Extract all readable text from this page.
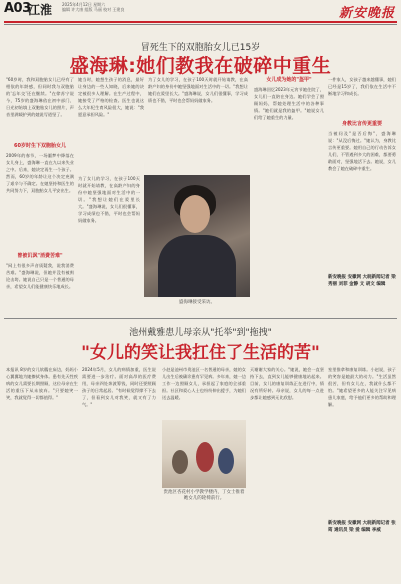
A03
江淮 2025年4月12日 星期六
编辑 许大康 组版 马丽 校对 王建良	新安晚报
冒死生下的双胞胎女儿已15岁
盛海琳:她们教我在破碎中重生
"60岁时，我和双胞胎女儿已经有了相依的年龄感，但同时我与双胞胎的'忘年交'还在继续。"在徐苏宁说今，75岁的盛海琳依在初中部门、日光初始填上双胞胎女儿的照片，声音里满载护到的她说写道坚了。
60岁时生下双胞胎女儿
2009年的春节，一场噩梦中降落在女儿身上，盛海琳一直在九以来失业之中。后来，她决定再生一个孩子。然而，60岁的年龄让这个决定充满了艰辛与不确定。在她坚持和医生的共同努力下，双胞胎女儿平安出生。
曾被讥讽"消费苦难"
"网上有很多声音质疑我，说我消费苦难。"盛海琳说，但她并没有被舆论击垮。她说自己只是一个普通的母亲，希望女儿们能健康快乐地成长。
她当时，她想生孩子的消息，最好让身边的一些人知晓，后来她的决定被很多人理解。在生产过程中，她接受了严格的检查。医生也说这么大年纪生育风险很大，她说："我愿意承担风险。"
为了女儿的学习，在孩子100天时就开始请教，在高龄产妇的身份中她坚强地面对生活中的一切。"我想让她们在爱里长大。"盛海琳说，女儿们很懂事，学习成绩也不错，平时也会帮妈妈做家务。
为了女儿的学习，在孩子100天时就开始请教，在高龄产妇的身份中她坚强地面对生活中的一切。"我想让她们在爱里长大。"盛海琳说，女儿们很懂事，学习成绩也不错，平时也会帮妈妈做家务。
盛海琳接受采访。
女儿成为她的"盔甲"
盛海琳回忆2023年元宵节她住院了，女儿们一直陪在身边。她们学会了照顾妈妈，帮她处理生活中的各种事情。"她们就是我的盔甲。"她说女儿们给了她重生的力量。
一件家人，女孩子越来越懂事，她们已经是15岁了，我们依在生活中不断地学习和成长。
身教比言传更重要
当被问及"是否后悔"，盛海琳说："从没后悔过。"她认为，身教比言传更重要。她用自己的行动告诉女儿们，不管遇到多大的困难，都要勇敢面对，坚强地活下去。她说，女儿教会了她在破碎中重生。
新安晚报 安徽网 大皖新闻记者 梁秀丽 刘菲 金静 文 胡文 编辑
池州戴雅患儿母亲从"托举"到"拖拽"
"女儿的笑让我扛住了生活的苦"
本报讯 8岁的女儿软糯在床边，妈妈小心翼翼地为她擦拭身体。患有先天性疾病的女儿需要长期照顾，这位母亲在生活的重压下从未放弃。"只要她笑一笑，我就觉得一切都值得。"
2024年5月，女儿的病情加重，医生说需要进一步治疗。面对高昂的医疗费用，母亲四处奔波筹钱，同时还要照顾孩子的日常起居。"有时候觉得撑不下去了，但看到女儿对我笑，就又有了力气。"
小赵是池州市贵池区一名普通的母亲，她的女儿出生后被确诊患有罕见病。多年来，她一边工作一边照顾女儿，承担起了家庭的全部重担。社区和爱心人士也纷纷伸出援手，为她们送去温暖。
贵池区杏花村小学教学楼内，丁女士推着她女儿的轮椅前行。
天谢谢大家的关心。"她说，她会一直坚持下去，直到女儿能够健康地站起来。目前，女儿的康复训练正在进行中，情况有所好转。母亲说，女儿的每一点进步都让她感到无比欣慰。
室里推拿和康复训练。小赵说，孩子的笑容是她最大的动力。"生活虽然很苦，但有女儿在，我就什么都不怕。"她希望更多的人能关注罕见病患儿家庭，给予他们更多的帮助和理解。
新安晚报 安徽网 大皖新闻记者 张 筠 通讯员 梁 爱 编辑 李威
